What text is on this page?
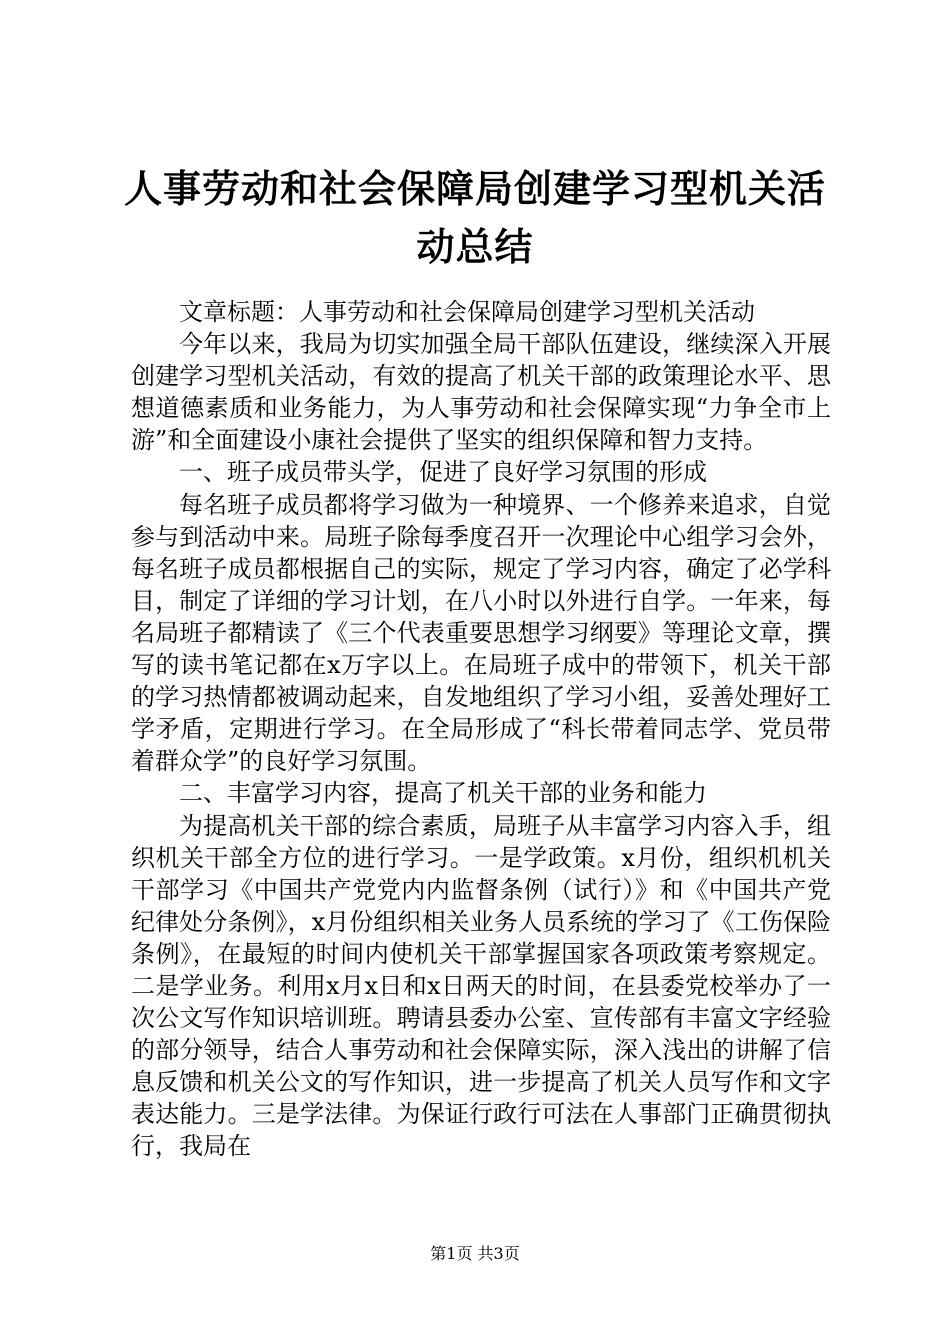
人事劳动和社会保障局创建学习型机关活动总结

文章标题：人事劳动和社会保障局创建学习型机关活动

今年以来，我局为切实加强全局干部队伍建设，继续深入开展创建学习型机关活动，有效的提高了机关干部的政策理论水平、思想道德素质和业务能力，为人事劳动和社会保障实现“力争全市上游”和全面建设小康社会提供了坚实的组织保障和智力支持。

一、班子成员带头学，促进了良好学习氛围的形成

每名班子成员都将学习做为一种境界、一个修养来追求，自觉参与到活动中来。局班子除每季度召开一次理论中心组学习会外，每名班子成员都根据自己的实际，规定了学习内容，确定了必学科目，制定了详细的学习计划，在八小时以外进行自学。一年来，每名局班子都精读了《三个代表重要思想学习纲要》等理论文章，撰写的读书笔记都在x万字以上。在局班子成中的带领下，机关干部的学习热情都被调动起来，自发地组织了学习小组，妥善处理好工学矛盾，定期进行学习。在全局形成了“科长带着同志学、党员带着群众学”的良好学习氛围。

二、丰富学习内容，提高了机关干部的业务和能力

为提高机关干部的综合素质，局班子从丰富学习内容入手，组织机关干部全方位的进行学习。一是学政策。x月份，组织机机关干部学习《中国共产党党内内监督条例（试行）》和《中国共产党纪律处分条例》，x月份组织相关业务人员系统的学习了《工伤保险条例》，在最短的时间内使机关干部掌握国家各项政策考察规定。二是学业务。利用x月x日和x日两天的时间，在县委党校举办了一次公文写作知识培训班。聘请县委办公室、宣传部有丰富文字经验的部分领导，结合人事劳动和社会保障实际，深入浅出的讲解了信息反馈和机关公文的写作知识，进一步提高了机关人员写作和文字表达能力。三是学法律。为保证行政行可法在人事部门正确贯彻执行，我局在

第1页 共3页
